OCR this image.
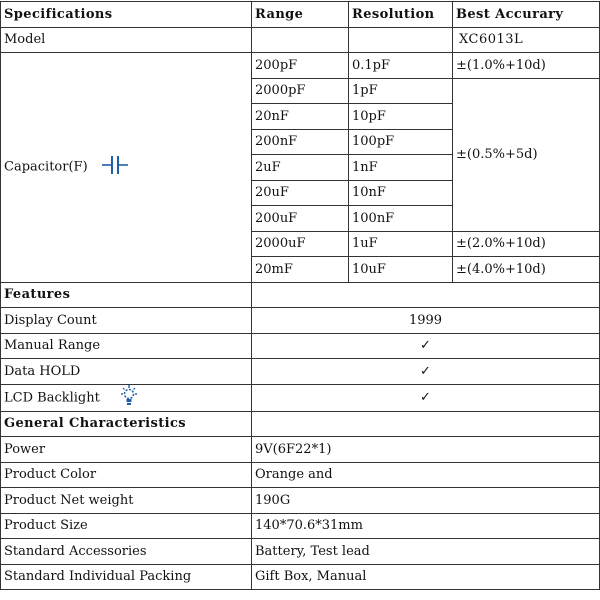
Specifications	Range	Resolution	Best Accurary
Model			XC6013L
Capacitor(F)	200pF	0.1pF	±(1.0%+10d)
	2000pF	1pF	±(0.5%+5d)
	20nF	10pF	
	200nF	100pF	
	2uF	1nF	
	20uF	10nF	
	200uF	100nF	
	2000uF	1uF	±(2.0%+10d)
	20mF	10uF	±(4.0%+10d)
Features			
Display Count	1999		
Manual Range	✓		
Data HOLD	✓		
LCD Backlight	✓		
General Characteristics			
Power	9V(6F22*1)		
Product Color	Orange and		
Product Net weight	190G		
Product Size	140*70.6*31mm		
Standard Accessories	Battery, Test lead		
Standard Individual Packing	Gift Box, Manual		
